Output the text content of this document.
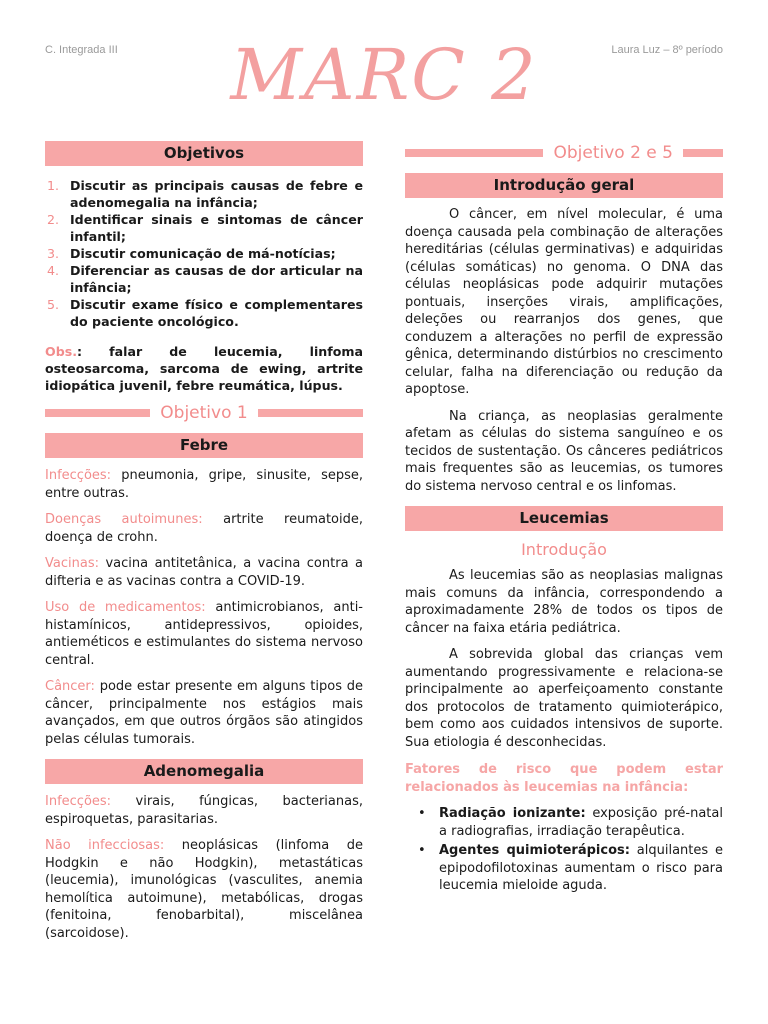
C. Integrada III	Laura Luz – 8º período
MARC 2
Objetivos
1. Discutir as principais causas de febre e adenomegalia na infância;
2. Identificar sinais e sintomas de câncer infantil;
3. Discutir comunicação de má-notícias;
4. Diferenciar as causas de dor articular na infância;
5. Discutir exame físico e complementares do paciente oncológico.

Obs.: falar de leucemia, linfoma osteosarcoma, sarcoma de ewing, artrite idiopática juvenil, febre reumática, lúpus.

Objetivo 1
Febre

Infecções: pneumonia, gripe, sinusite, sepse, entre outras.

Doenças autoimunes: artrite reumatoide, doença de crohn.

Vacinas: vacina antitetânica, a vacina contra a difteria e as vacinas contra a COVID-19.

Uso de medicamentos: antimicrobianos, anti-histamínicos, antidepressivos, opioides, antieméticos e estimulantes do sistema nervoso central.

Câncer: pode estar presente em alguns tipos de câncer, principalmente nos estágios mais avançados, em que outros órgãos são atingidos pelas células tumorais.

Adenomegalia

Infecções: virais, fúngicas, bacterianas, espiroquetas, parasitarias.

Não infecciosas: neoplásicas (linfoma de Hodgkin e não Hodgkin), metastáticas (leucemia), imunológicas (vasculites, anemia hemolítica autoimune), metabólicas, drogas (fenitoina, fenobarbital), miscelânea (sarcoidose).

Objetivo 2 e 5
Introdução geral

O câncer, em nível molecular, é uma doença causada pela combinação de alterações hereditárias (células germinativas) e adquiridas (células somáticas) no genoma. O DNA das células neoplásicas pode adquirir mutações pontuais, inserções virais, amplificações, deleções ou rearranjos dos genes, que conduzem a alterações no perfil de expressão gênica, determinando distúrbios no crescimento celular, falha na diferenciação ou redução da apoptose.

Na criança, as neoplasias geralmente afetam as células do sistema sanguíneo e os tecidos de sustentação. Os cânceres pediátricos mais frequentes são as leucemias, os tumores do sistema nervoso central e os linfomas.

Leucemias
Introdução

As leucemias são as neoplasias malignas mais comuns da infância, correspondendo a aproximadamente 28% de todos os tipos de câncer na faixa etária pediátrica.

A sobrevida global das crianças vem aumentando progressivamente e relaciona-se principalmente ao aperfeiçoamento constante dos protocolos de tratamento quimioterápico, bem como aos cuidados intensivos de suporte. Sua etiologia é desconhecidas.

Fatores de risco que podem estar relacionados às leucemias na infância:

• Radiação ionizante: exposição pré-natal a radiografias, irradiação terapêutica.
• Agentes quimioterápicos: alquilantes e epipodofilotoxinas aumentam o risco para leucemia mieloide aguda.
